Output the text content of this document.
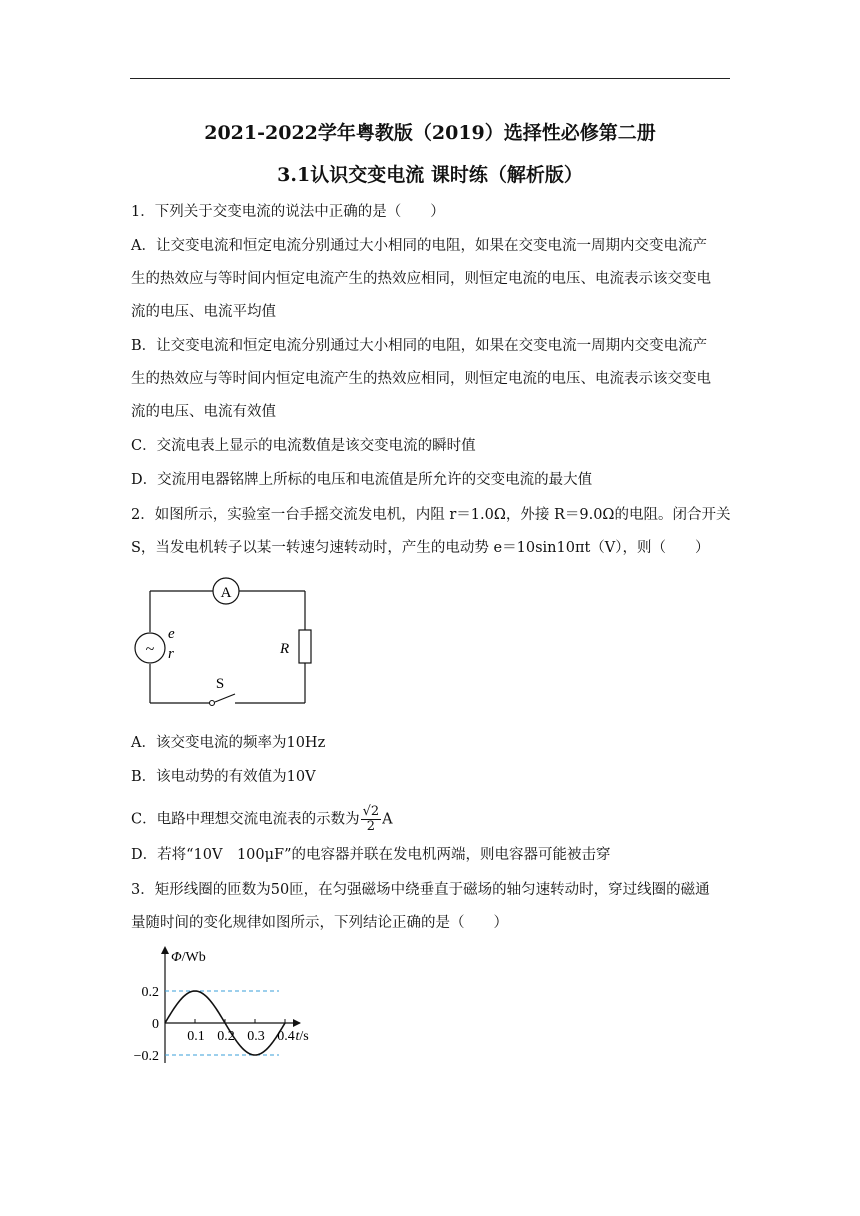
2021-2022学年粤教版（2019）选择性必修第二册
3.1认识交变电流 课时练（解析版）
1．下列关于交变电流的说法中正确的是（　　）
A．让交变电流和恒定电流分别通过大小相同的电阻，如果在交变电流一周期内交变电流产
生的热效应与等时间内恒定电流产生的热效应相同，则恒定电流的电压、电流表示该交变电
流的电压、电流平均值
B．让交变电流和恒定电流分别通过大小相同的电阻，如果在交变电流一周期内交变电流产
生的热效应与等时间内恒定电流产生的热效应相同，则恒定电流的电压、电流表示该交变电
流的电压、电流有效值
C．交流电表上显示的电流数值是该交变电流的瞬时值
D．交流用电器铭牌上所标的电压和电流值是所允许的交变电流的最大值
2．如图所示，实验室一台手摇交流发电机，内阻 r＝1.0Ω，外接 R＝9.0Ω的电阻。闭合开关
S，当发电机转子以某一转速匀速转动时，产生的电动势 e＝10sin10πt（V），则（　　）
A
~
e
r	R
S
A．该交变电流的频率为10Hz
B．该电动势的有效值为10V
C．电路中理想交流电流表的示数为 $\frac{√2}{2}$ A
D．若将“10V　100μF”的电容器并联在发电机两端，则电容器可能被击穿
3．矩形线圈的匝数为50匝，在匀强磁场中绕垂直于磁场的轴匀速转动时，穿过线圈的磁通
量随时间的变化规律如图所示，下列结论正确的是（　　）
0.1 0.2 0.3 0.4
0.2
0
−0.2
Φ/Wb
t/s
